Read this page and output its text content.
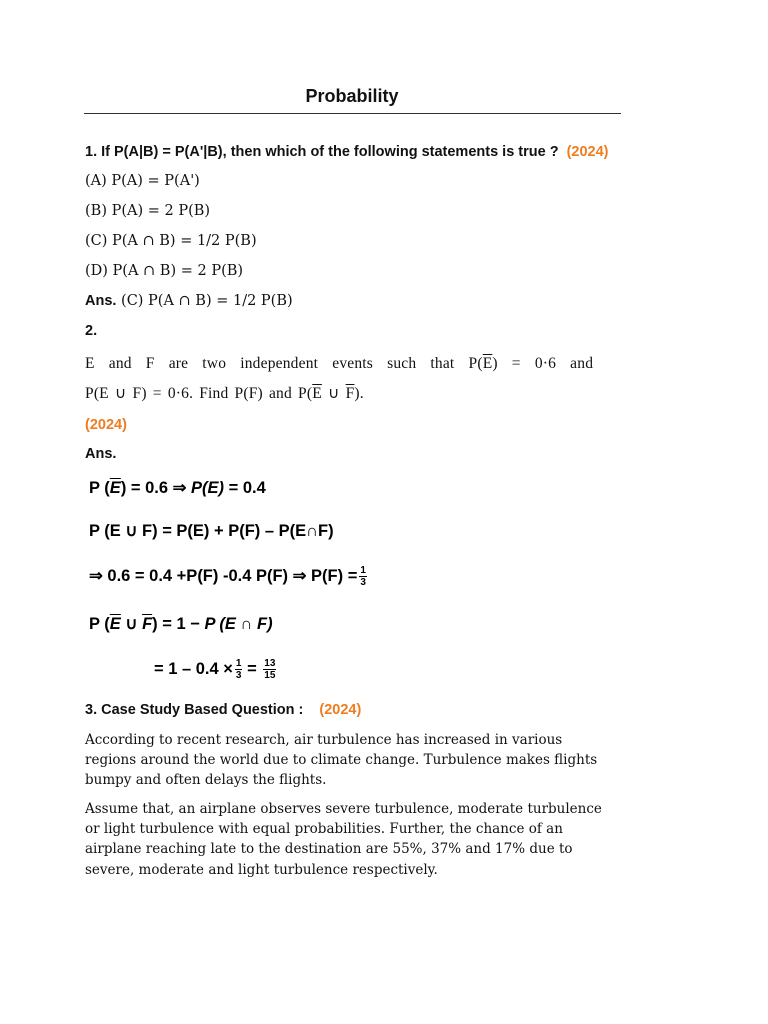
Probability
1. If P(A|B) = P(A'|B), then which of the following statements is true ? (2024)
(A) P(A) = P(A')
(B) P(A) = 2 P(B)
(C) P(A ∩ B) = 1/2 P(B)
(D) P(A ∩ B) = 2 P(B)
Ans. (C) P(A ∩ B) = 1/2 P(B)
2.
E and F are two independent events such that $P(\overline{E}) = 0\cdot 6$ and
P(E ∪ F) = 0·6. Find P(F) and $P(\overline{E}$ ∪ $\overline{F}$).
(2024)
Ans.
P $(\overline{E}) = 0.6$ ⇒ P(E) = 0.4
P (E ∪ F) = P(E) + P(F) – P(E∩F)
⇒ 0.6 = 0.4 +P(F) -0.4 P(F) ⇒ $P(F) = \frac{1}{3}$
P ($\overline{E}$ ∪ $\overline{F}) = 1 - P$ (E ∩ F)
= $1 - 0.4 \times \frac{1}{3} = \frac{13}{15}$
3. Case Study Based Question : (2024)
According to recent research, air turbulence has increased in various regions around the world due to climate change. Turbulence makes flights bumpy and often delays the flights.
Assume that, an airplane observes severe turbulence, moderate turbulence or light turbulence with equal probabilities. Further, the chance of an airplane reaching late to the destination are 55%, 37% and 17% due to severe, moderate and light turbulence respectively.
